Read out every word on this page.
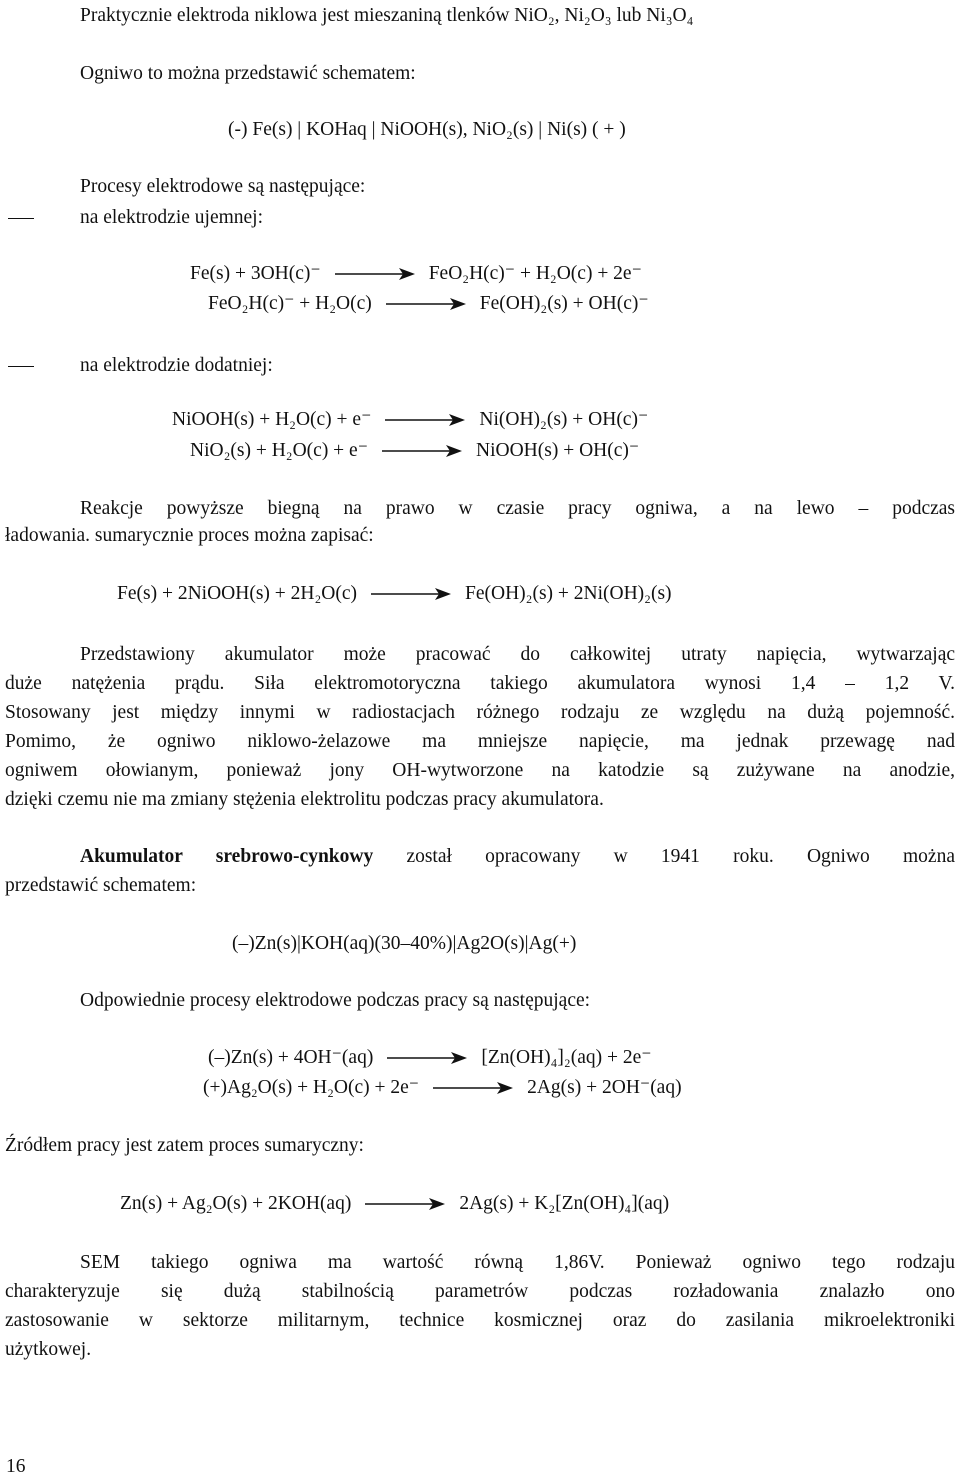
Praktycznie elektroda niklowa jest mieszaniną tlenków NiO₂, Ni₂O₃ lub Ni₃O₄
Ogniwo to można przedstawić schematem:
(-) Fe(s) | KOHaq | NiOOH(s), NiO₂(s) | Ni(s) ( + )
Procesy elektrodowe są następujące:
na elektrodzie ujemnej:
Fe(s) + 3OH(c)⁻	FeO₂H(c)⁻ + H₂O(c) + 2e⁻
FeO₂H(c)⁻ + H₂O(c)	Fe(OH)₂(s) + OH(c)⁻
na elektrodzie dodatniej:
NiOOH(s) + H₂O(c) + e⁻	Ni(OH)₂(s) + OH(c)⁻
NiO₂(s) + H₂O(c) + e⁻	NiOOH(s) + OH(c)⁻
Reakcje powyższe biegną na prawo w czasie pracy ogniwa, a na lewo – podczas
ładowania. sumarycznie proces można zapisać:
Fe(s) + 2NiOOH(s) + 2H₂O(c)	Fe(OH)₂(s) + 2Ni(OH)₂(s)
Przedstawiony akumulator może pracować do całkowitej utraty napięcia, wytwarzając
duże natężenia prądu. Siła elektromotoryczna takiego akumulatora wynosi 1,4 – 1,2 V.
Stosowany jest między innymi w radiostacjach różnego rodzaju ze względu na dużą pojemność.
Pomimo, że ogniwo niklowo-żelazowe ma mniejsze napięcie, ma jednak przewagę nad
ogniwem ołowianym, ponieważ jony OH-wytworzone na katodzie są zużywane na anodzie,
dzięki czemu nie ma zmiany stężenia elektrolitu podczas pracy akumulatora.
Akumulator srebrowo-cynkowy został opracowany w 1941 roku. Ogniwo można
przedstawić schematem:
(–)Zn(s)|KOH(aq)(30–40%)|Ag2O(s)|Ag(+)
Odpowiednie procesy elektrodowe podczas pracy są następujące:
(–)Zn(s) + 4OH⁻(aq)	[Zn(OH)₄]₂(aq) + 2e⁻
(+)Ag₂O(s) + H₂O(c) + 2e⁻	2Ag(s) + 2OH⁻(aq)
Źródłem pracy jest zatem proces sumaryczny:
Zn(s) + Ag₂O(s) + 2KOH(aq)	2Ag(s) + K₂[Zn(OH)₄](aq)
SEM takiego ogniwa ma wartość równą 1,86V. Ponieważ ogniwo tego rodzaju
charakteryzuje się dużą stabilnością parametrów podczas rozładowania znalazło ono
zastosowanie w sektorze militarnym, technice kosmicznej oraz do zasilania mikroelektroniki
użytkowej.
16
